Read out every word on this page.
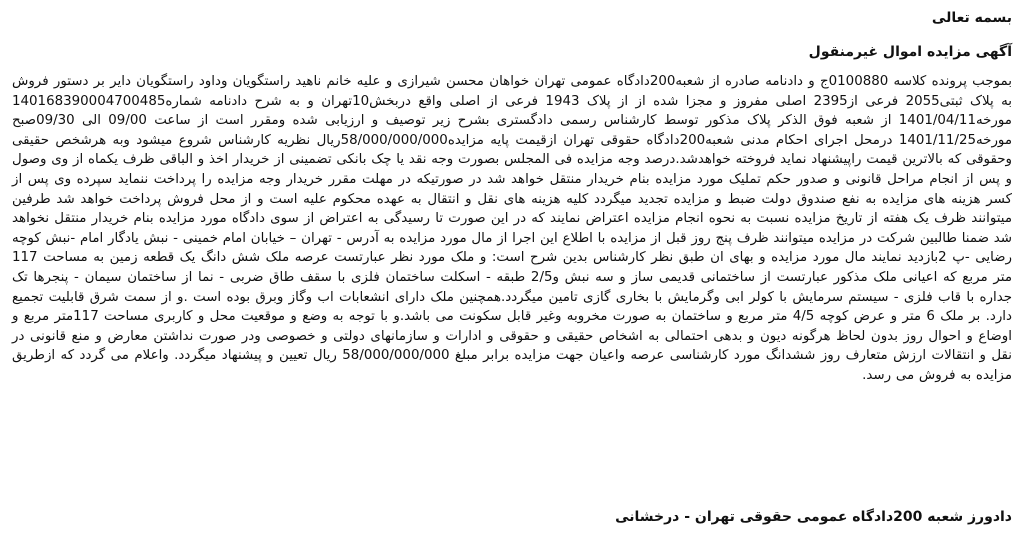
بسمه تعالی
آگهی مزایده اموال غیرمنقول
بموجب پرونده کلاسه 0100880ج و دادنامه صادره از شعبه200دادگاه عمومی تهران خواهان محسن شیرازی و علیه خانم ناهید راستگویان وداود راستگویان دایر بر دستور فروش به پلاک ثبتی2055 فرعی از2395 اصلی مفروز و مجزا شده از از پلاک 1943 فرعی از اصلی واقع دربخش10تهران و به شرح دادنامه شماره140168390004700485 مورخه1401/04/11 از شعبه فوق الذکر پلاک مذکور توسط کارشناس رسمی دادگستری بشرح زیر توصیف و ارزیابی شده ومقرر است از ساعت 09/00 الی 09/30صبح مورخه1401/11/25 درمحل اجرای احکام مدنی شعبه200دادگاه حقوقی تهران ازقیمت پایه مزایده58/000/000/000ریال نظریه کارشناس شروع میشود وبه هرشخص حقیقی وحقوقی که بالاترین قیمت راپیشنهاد نماید فروخته خواهدشد.درصد وجه مزایده فی المجلس بصورت وجه نقد یا چک بانکی تضمینی از خریدار اخذ و الباقی ظرف یکماه از وی وصول و پس از انجام مراحل قانونی و صدور حکم تملیک مورد مزایده بنام خریدار منتقل خواهد شد در صورتیکه در مهلت مقرر خریدار وجه مزایده را پرداخت ننماید سپرده وی پس از کسر هزینه های مزایده به نفع صندوق دولت ضبط و مزایده تجدید میگردد کلیه هزینه های نقل و انتقال به عهده محکوم علیه است و از محل فروش پرداخت خواهد شد طرفین میتوانند ظرف یک هفته از تاریخ مزایده نسبت به نحوه انجام مزایده اعتراض نمایند که در این صورت تا رسیدگی به اعتراض از سوی دادگاه مورد مزایده بنام خریدار منتقل نخواهد شد ضمنا طالبین شرکت در مزایده میتوانند ظرف پنج روز قبل از مزایده با اطلاع این اجرا از مال مورد مزایده به آدرس - تهران – خیابان امام خمینی - نبش یادگار امام -نبش کوچه رضایی -پ 2بازدید نمایند مال مورد مزایده و بهای ان طبق نظر کارشناس بدین شرح است: و ملک مورد نظر عبارتست عرصه ملک شش دانگ یک قطعه زمین به مساحت 117 متر مربع که اعیانی ملک مذکور عبارتست از ساختمانی قدیمی ساز و سه نبش و2/5 طبقه - اسکلت ساختمان فلزی با سقف طاق ضربی - نما از ساختمان سیمان - پنجرها تک جداره با قاب فلزی - سیستم سرمایش با کولر ابی وگرمایش با بخاری گازی تامین میگردد.همچنین ملک دارای انشعابات اب وگاز وبرق بوده است .و از سمت شرق قابلیت تجمیع دارد. بر ملک 6 متر و عرض کوچه 4/5 متر مربع و ساختمان به صورت مخروبه وغیر قابل سکونت می باشد.و با توجه به وضع و موقعیت محل و کاربری مساحت 117متر مربع و اوضاع و احوال روز بدون لحاظ هرگونه دیون و بدهی احتمالی به اشخاص حقیقی و حقوقی و ادارات و سازمانهای دولتی و خصوصی ودر صورت نداشتن معارض و منع قانونی در نقل و انتقالات ارزش متعارف روز ششدانگ مورد کارشناسی عرصه واعیان جهت مزایده برابر مبلغ 58/000/000/000 ریال تعیین و پیشنهاد میگردد. واعلام می گردد که ازطریق مزایده به فروش می رسد.
دادورز شعبه 200دادگاه عمومی حقوقی تهران - درخشانی
